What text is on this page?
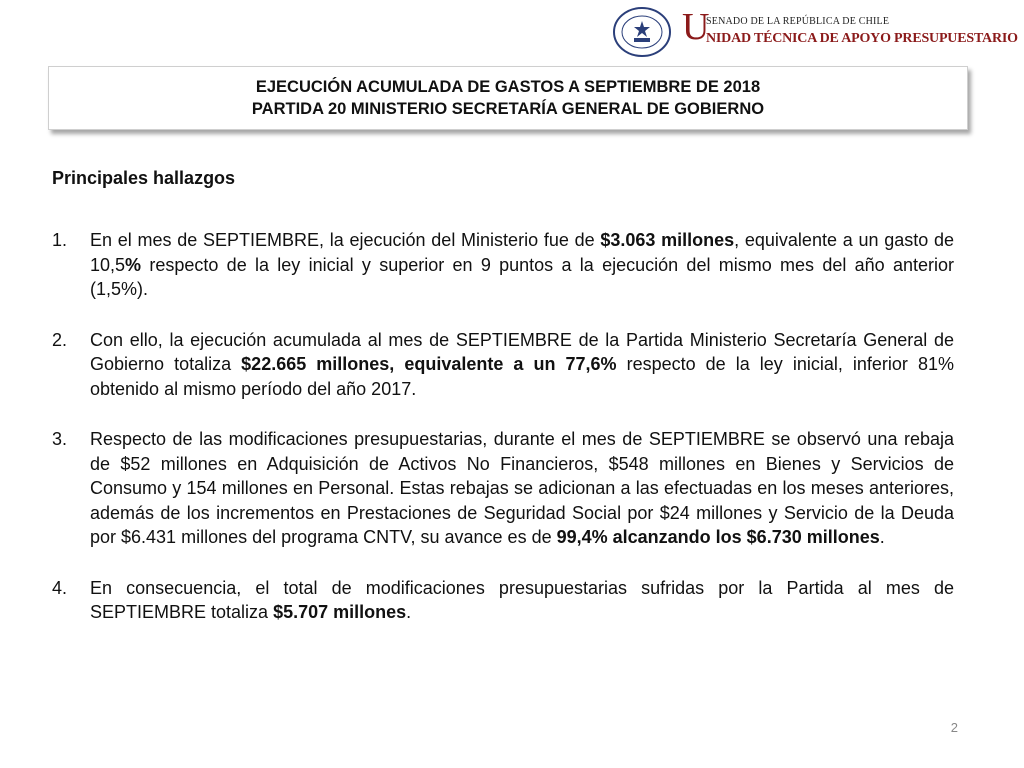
U
SENADO DE LA REPÚBLICA DE CHILE
NIDAD TÉCNICA DE APOYO PRESUPUESTARIO
EJECUCIÓN ACUMULADA DE GASTOS A SEPTIEMBRE DE 2018
PARTIDA 20 MINISTERIO SECRETARÍA GENERAL DE GOBIERNO
Principales hallazgos
1. En el mes de SEPTIEMBRE, la ejecución del Ministerio fue de $3.063 millones, equivalente a un gasto de 10,5% respecto de la ley inicial y superior en 9 puntos a la ejecución del mismo mes del año anterior (1,5%).
2. Con ello, la ejecución acumulada al mes de SEPTIEMBRE de la Partida Ministerio Secretaría General de Gobierno totaliza $22.665 millones, equivalente a un 77,6% respecto de la ley inicial, inferior 81% obtenido al mismo período del año 2017.
3. Respecto de las modificaciones presupuestarias, durante el mes de SEPTIEMBRE se observó una rebaja de $52 millones en Adquisición de Activos No Financieros, $548 millones en Bienes y Servicios de Consumo y 154 millones en Personal. Estas rebajas se adicionan a las efectuadas en los meses anteriores, además de los incrementos en Prestaciones de Seguridad Social por $24 millones y Servicio de la Deuda por $6.431 millones del programa CNTV, su avance es de 99,4% alcanzando los $6.730 millones.
4. En consecuencia, el total de modificaciones presupuestarias sufridas por la Partida al mes de SEPTIEMBRE totaliza $5.707 millones.
2
